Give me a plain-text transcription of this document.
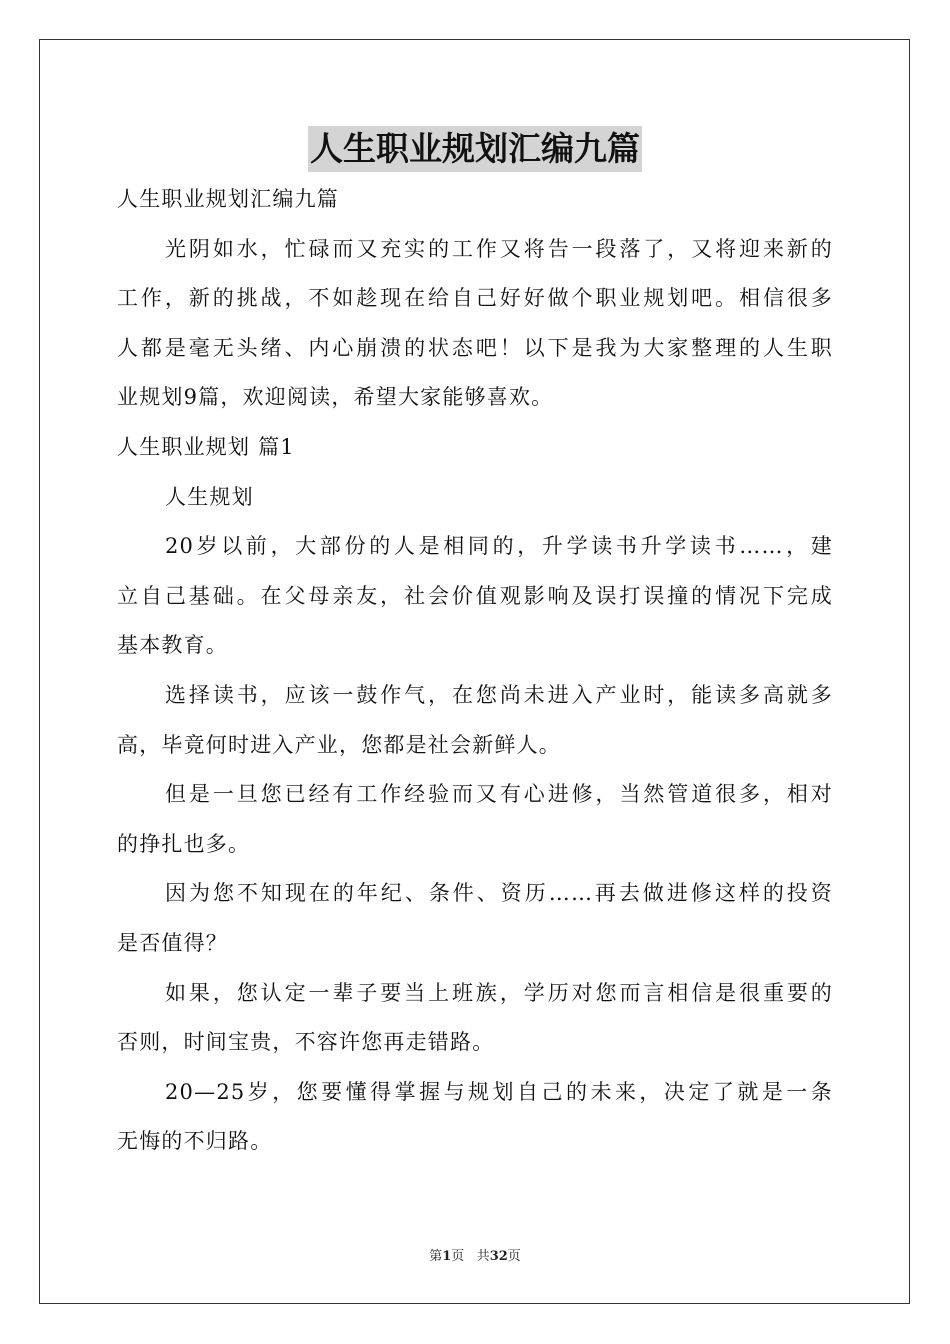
人生职业规划汇编九篇

人生职业规划汇编九篇

光阴如水，忙碌而又充实的工作又将告一段落了，又将迎来新的

工作，新的挑战，不如趁现在给自己好好做个职业规划吧。相信很多

人都是毫无头绪、内心崩溃的状态吧！以下是我为大家整理的人生职

业规划9篇，欢迎阅读，希望大家能够喜欢。

人生职业规划 篇1

人生规划

20岁以前，大部份的人是相同的，升学读书升学读书……，建

立自己基础。在父母亲友，社会价值观影响及误打误撞的情况下完成

基本教育。

选择读书，应该一鼓作气，在您尚未进入产业时，能读多高就多

高，毕竟何时进入产业，您都是社会新鲜人。

但是一旦您已经有工作经验而又有心进修，当然管道很多，相对

的挣扎也多。

因为您不知现在的年纪、条件、资历……再去做进修这样的投资

是否值得？

如果，您认定一辈子要当上班族，学历对您而言相信是很重要的

否则，时间宝贵，不容许您再走错路。

20—25岁，您要懂得掌握与规划自己的未来，决定了就是一条

无悔的不归路。

第1页 共32页
